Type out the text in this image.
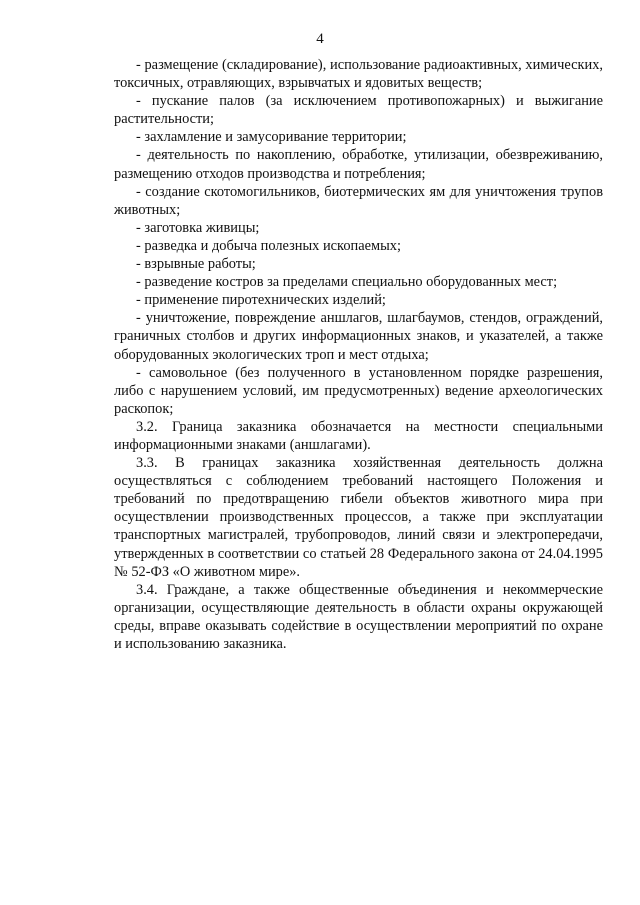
4

- размещение (складирование), использование радиоактивных, химических, токсичных, отравляющих, взрывчатых и ядовитых веществ;

- пускание палов (за исключением противопожарных) и выжигание растительности;

- захламление и замусоривание территории;

- деятельность по накоплению, обработке, утилизации, обезвреживанию, размещению отходов производства и потребления;

- создание скотомогильников, биотермических ям для уничтожения трупов животных;

- заготовка живицы;

- разведка и добыча полезных ископаемых;

- взрывные работы;

- разведение костров за пределами специально оборудованных мест;

- применение пиротехнических изделий;

- уничтожение, повреждение аншлагов, шлагбаумов, стендов, ограждений, граничных столбов и других информационных знаков, и указателей, а также оборудованных экологических троп и мест отдыха;

- самовольное (без полученного в установленном порядке разрешения, либо с нарушением условий, им предусмотренных) ведение археологических раскопок;

3.2. Граница заказника обозначается на местности специальными информационными знаками (аншлагами).

3.3. В границах заказника хозяйственная деятельность должна осуществляться с соблюдением требований настоящего Положения и требований по предотвращению гибели объектов животного мира при осуществлении производственных процессов, а также при эксплуатации транспортных магистралей, трубопроводов, линий связи и электропередачи, утвержденных в соответствии со статьей 28 Федерального закона от 24.04.1995 № 52-ФЗ «О животном мире».

3.4. Граждане, а также общественные объединения и некоммерческие организации, осуществляющие деятельность в области охраны окружающей среды, вправе оказывать содействие в осуществлении мероприятий по охране и использованию заказника.
